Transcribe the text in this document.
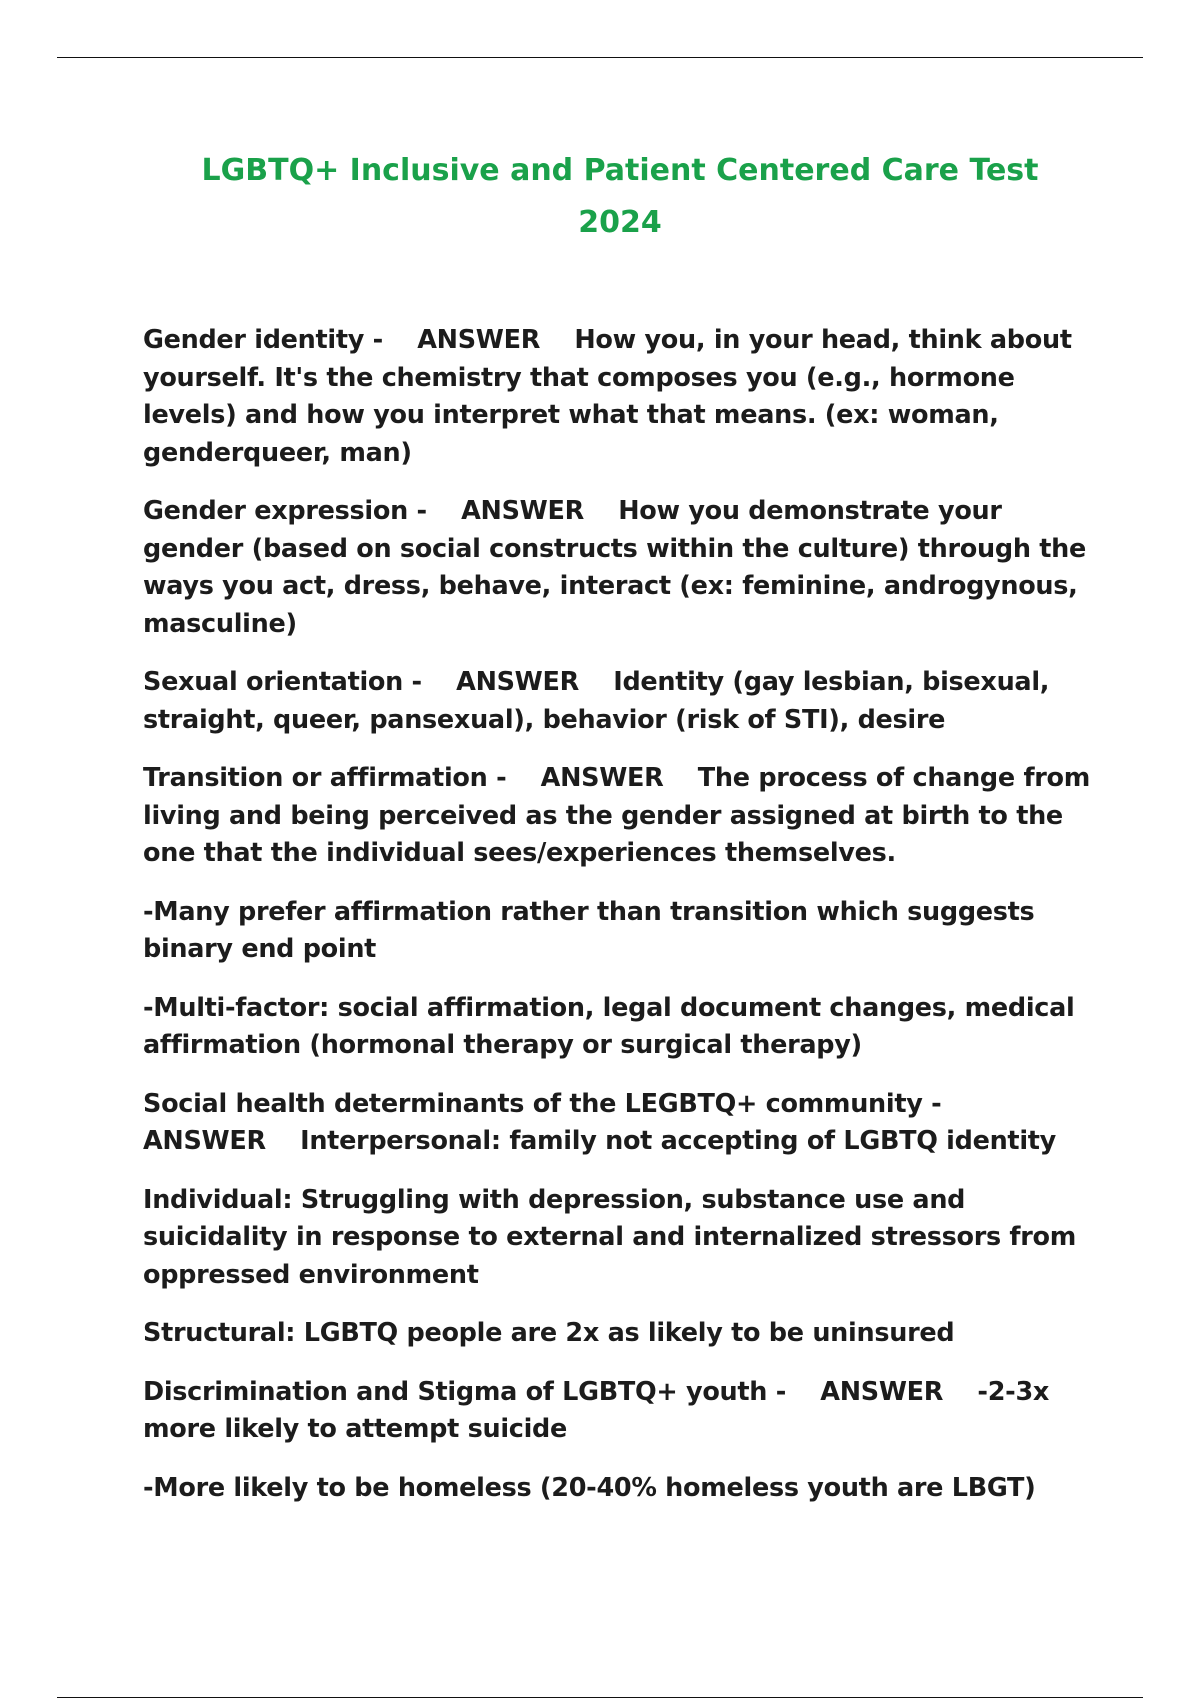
LGBTQ+ Inclusive and Patient Centered Care Test 2024

Gender identity -    ANSWER    How you, in your head, think about yourself. It's the chemistry that composes you (e.g., hormone levels) and how you interpret what that means. (ex: woman, genderqueer, man)

Gender expression -    ANSWER    How you demonstrate your gender (based on social constructs within the culture) through the ways you act, dress, behave, interact (ex: feminine, androgynous, masculine)

Sexual orientation -    ANSWER    Identity (gay lesbian, bisexual, straight, queer, pansexual), behavior (risk of STI), desire

Transition or affirmation -    ANSWER    The process of change from living and being perceived as the gender assigned at birth to the one that the individual sees/experiences themselves.

-Many prefer affirmation rather than transition which suggests binary end point

-Multi-factor: social affirmation, legal document changes, medical affirmation (hormonal therapy or surgical therapy)

Social health determinants of the LEGBTQ+ community -    ANSWER    Interpersonal: family not accepting of LGBTQ identity

Individual: Struggling with depression, substance use and suicidality in response to external and internalized stressors from oppressed environment

Structural: LGBTQ people are 2x as likely to be uninsured

Discrimination and Stigma of LGBTQ+ youth -    ANSWER    -2-3x more likely to attempt suicide

-More likely to be homeless (20-40% homeless youth are LBGT)
